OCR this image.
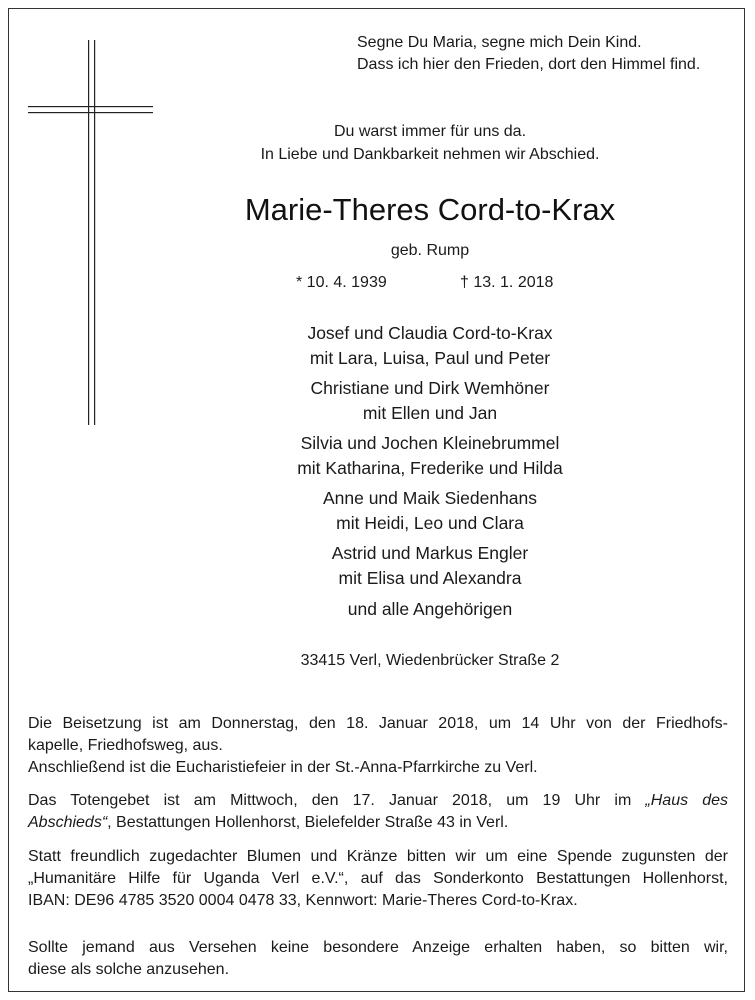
Segne Du Maria, segne mich Dein Kind.
Dass ich hier den Frieden, dort den Himmel find.
Du warst immer für uns da.
In Liebe und Dankbarkeit nehmen wir Abschied.
Marie-Theres Cord-to-Krax
geb. Rump
* 10. 4. 1939	† 13. 1. 2018
Josef und Claudia Cord-to-Krax
mit Lara, Luisa, Paul und Peter
Christiane und Dirk Wemhöner
mit Ellen und Jan
Silvia und Jochen Kleinebrummel
mit Katharina, Frederike und Hilda
Anne und Maik Siedenhans
mit Heidi, Leo und Clara
Astrid und Markus Engler
mit Elisa und Alexandra
und alle Angehörigen
33415 Verl, Wiedenbrücker Straße 2
Die Beisetzung ist am Donnerstag, den 18. Januar 2018, um 14 Uhr von der Friedhofs-
kapelle, Friedhofsweg, aus.
Anschließend ist die Eucharistiefeier in der St.-Anna-Pfarrkirche zu Verl.
Das Totengebet ist am Mittwoch, den 17. Januar 2018, um 19 Uhr im „Haus des
Abschieds“, Bestattungen Hollenhorst, Bielefelder Straße 43 in Verl.
Statt freundlich zugedachter Blumen und Kränze bitten wir um eine Spende zugunsten der
„Humanitäre Hilfe für Uganda Verl e.V.“, auf das Sonderkonto Bestattungen Hollenhorst,
IBAN: DE96 4785 3520 0004 0478 33, Kennwort: Marie-Theres Cord-to-Krax.
Sollte jemand aus Versehen keine besondere Anzeige erhalten haben, so bitten wir,
diese als solche anzusehen.
